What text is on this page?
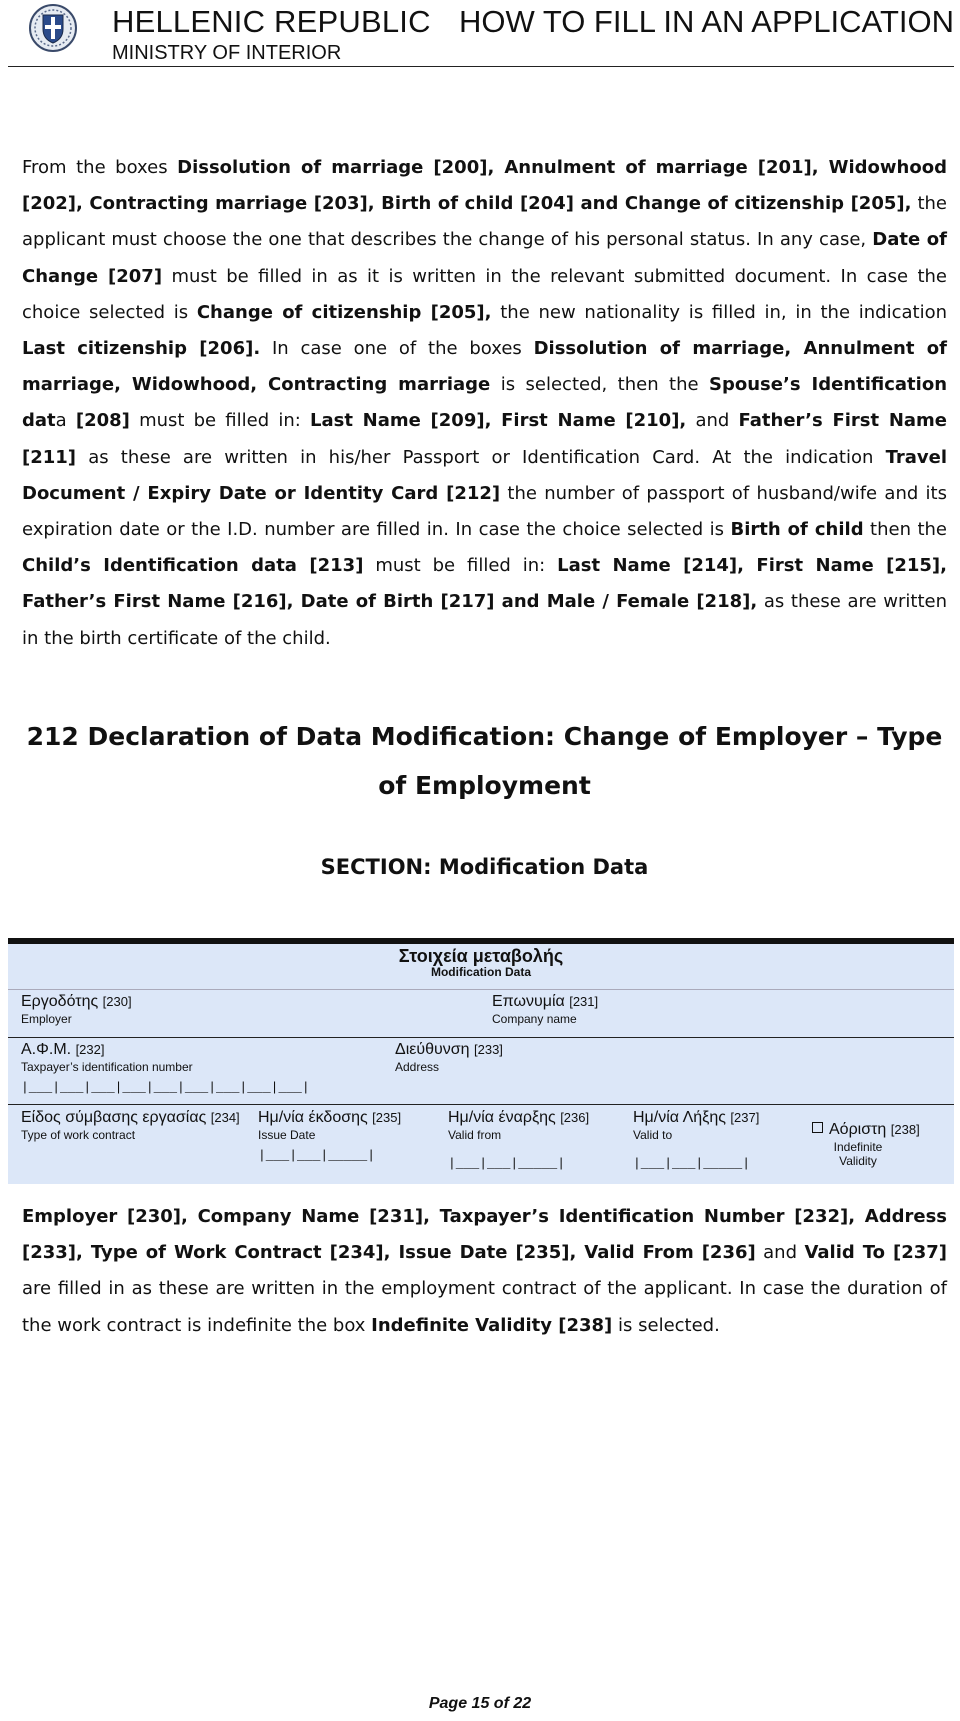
HELLENIC REPUBLIC
MINISTRY OF INTERIOR
HOW TO FILL IN AN APPLICATION
From the boxes Dissolution of marriage [200], Annulment of marriage [201], Widowhood [202], Contracting marriage [203], Birth of child [204] and Change of citizenship [205], the applicant must choose the one that describes the change of his personal status. In any case, Date of Change [207] must be filled in as it is written in the relevant submitted document. In case the choice selected is Change of citizenship [205], the new nationality is filled in, in the indication Last citizenship [206]. In case one of the boxes Dissolution of marriage, Annulment of marriage, Widowhood, Contracting marriage is selected, then the Spouse’s Identification data [208] must be filled in: Last Name [209], First Name [210], and Father’s First Name [211] as these are written in his/her Passport or Identification Card. At the indication Travel Document / Expiry Date or Identity Card [212] the number of passport of husband/wife and its expiration date or the I.D. number are filled in. In case the choice selected is Birth of child then the Child’s Identification data [213] must be filled in: Last Name [214], First Name [215], Father’s First Name [216], Date of Birth [217] and Male / Female [218], as these are written in the birth certificate of the child.
212 Declaration of Data Modification: Change of Employer – Type of Employment
SECTION: Modification Data
Στοιχεία μεταβολής
Modification Data
Εργοδότης [230]
Employer
Επωνυμία [231]
Company name
Α.Φ.Μ. [232]
Taxpayer’s identification number
|___|___|___|___|___|___|___|___|___|
Διεύθυνση [233]
Address
Είδος σύμβασης εργασίας [234]
Type of work contract
Ημ/νία έκδοσης [235]
Issue Date
|___|___|_____|
Ημ/νία έναρξης [236]
Valid from
|___|___|_____|
Ημ/νία Λήξης [237]
Valid to
|___|___|_____|
Αόριστη [238]
Indefinite
Validity
Employer [230], Company Name [231], Taxpayer’s Identification Number [232], Address [233], Type of Work Contract [234], Issue Date [235], Valid From [236] and Valid To [237] are filled in as these are written in the employment contract of the applicant. In case the duration of the work contract is indefinite the box Indefinite Validity [238] is selected.
Page 15 of 22
